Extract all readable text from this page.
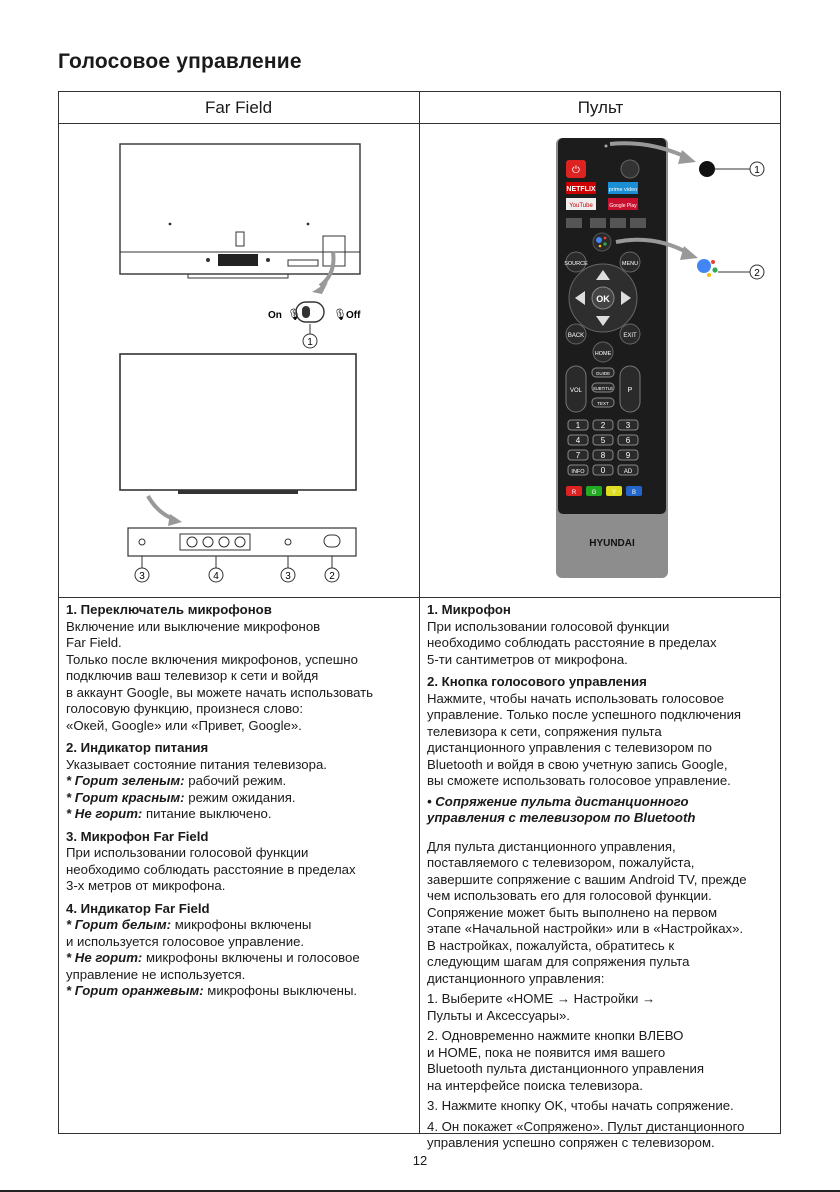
Голосовое управление
Far Field	Пульт
On 🎙	Off
🎙
1
3	4	3	2
⏻
NETFLIX prime video
YouTube	Google Play
SOURCE	MENU
OK
BACK	EXIT
HOME
VOL	P
GUIDE
SUBTITLE
TEXT
1	2	3
4	5	6
7	8	9
INFO 0	AD
R	G	Y	B
HYUNDAI
1
2

1. Переключатель микрофонов

Включение или выключение микрофонов

Far Field.

Только после включения микрофонов, успешно

подключив ваш телевизор к сети и войдя

в аккаунт Google, вы можете начать использовать

голосовую функцию, произнеся слово:

«Окей, Google» или «Привет, Google».

2. Индикатор питания

Указывает состояние питания телевизора.

* Горит зеленым: рабочий режим.

* Горит красным: режим ожидания.

* Не горит: питание выключено.

3. Микрофон Far Field

При использовании голосовой функции

необходимо соблюдать расстояние в пределах

3-х метров от микрофона.

4. Индикатор Far Field

* Горит белым: микрофоны включены

и используется голосовое управление.

* Не горит: микрофоны включены и голосовое

управление не используется.

* Горит оранжевым: микрофоны выключены.

1. Микрофон

При использовании голосовой функции

необходимо соблюдать расстояние в пределах

5-ти сантиметров от микрофона.

2. Кнопка голосового управления

Нажмите, чтобы начать использовать голосовое

управление. Только после успешного подключения

телевизора к сети, сопряжения пульта

дистанционного управления с телевизором по

Bluetooth и войдя в свою учетную запись Google,

вы сможете использовать голосовое управление.

• Сопряжение пульта дистанционного

управления с телевизором по Bluetooth

Для пульта дистанционного управления,

поставляемого с телевизором, пожалуйста,

завершите сопряжение с вашим Android TV, прежде

чем использовать его для голосовой функции.

Сопряжение может быть выполнено на первом

этапе «Начальной настройки» или в «Настройках».

В настройках, пожалуйста, обратитесь к

следующим шагам для сопряжения пульта

дистанционного управления:

1. Выберите «HOME → Настройки →

Пульты и Аксессуары».

2. Одновременно нажмите кнопки ВЛЕВО

и HOME, пока не появится имя вашего

Bluetooth пульта дистанционного управления

на интерфейсе поиска телевизора.

3. Нажмите кнопку OK, чтобы начать сопряжение.

4. Он покажет «Сопряжено». Пульт дистанционного

управления успешно сопряжен с телевизором.

12
